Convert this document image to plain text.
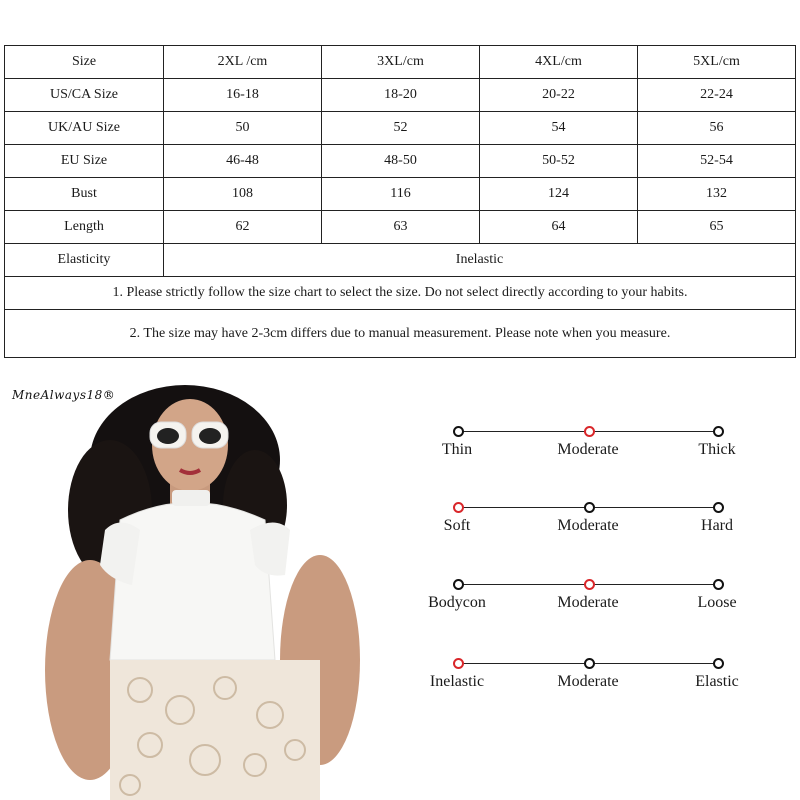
Size	2XL /cm	3XL/cm	4XL/cm	5XL/cm
US/CA Size	16-18	18-20	20-22	22-24
UK/AU Size	50	52	54	56
EU Size	46-48	48-50	50-52	52-54
Bust	108	116	124	132
Length	62	63	64	65
Elasticity	Inelastic			
1. Please strictly follow the size chart to select the size. Do not select directly according to your habits.				
2. The size may have 2-3cm differs due to manual measurement. Please note when you measure.				
MneAlways18®
Thin	Moderate	Thick
Soft	Moderate	Hard
Bodycon	Moderate	Loose
Inelastic	Moderate	Elastic
